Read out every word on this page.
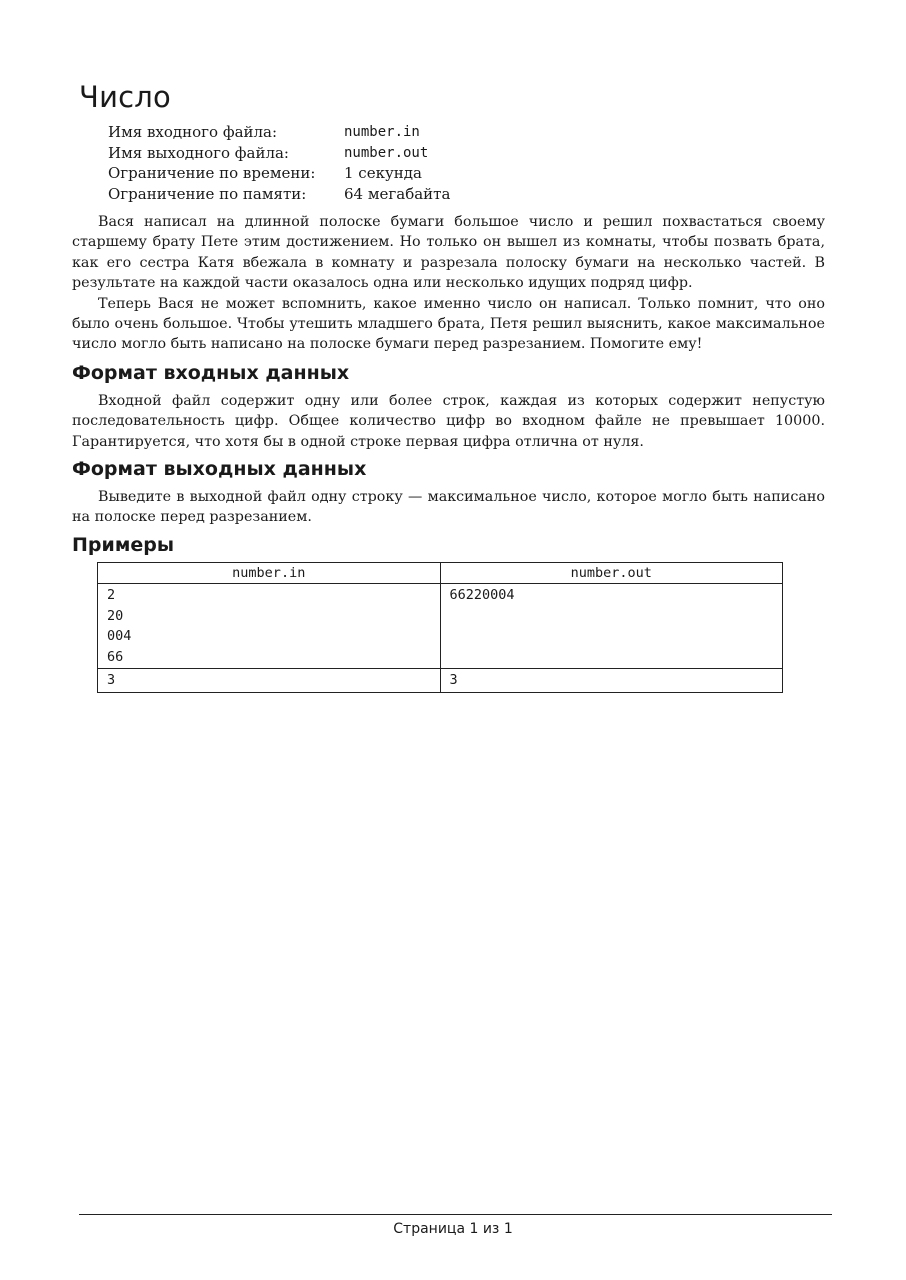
Число
Имя входного файла:	number.in
Имя выходного файла:	number.out
Ограничение по времени:	1 секунда
Ограничение по памяти:	64 мегабайта

Вася написал на длинной полоске бумаги большое число и решил похвастаться своему старшему брату Пете этим достижением. Но только он вышел из комнаты, чтобы позвать брата, как его сестра Катя вбежала в комнату и разрезала полоску бумаги на несколько частей. В результате на каждой части оказалось одна или несколько идущих подряд цифр.

Теперь Вася не может вспомнить, какое именно число он написал. Только помнит, что оно было очень большое. Чтобы утешить младшего брата, Петя решил выяснить, какое максимальное число могло быть написано на полоске бумаги перед разрезанием. Помогите ему!

Формат входных данных

Входной файл содержит одну или более строк, каждая из которых содержит непустую последовательность цифр. Общее количество цифр во входном файле не превышает 10000. Гарантируется, что хотя бы в одной строке первая цифра отлична от нуля.

Формат выходных данных

Выведите в выходной файл одну строку — максимальное число, которое могло быть написано на полоске перед разрезанием.

Примеры
number.in	number.out

2
20
004
66	66220004

3	3
Страница 1 из 1
